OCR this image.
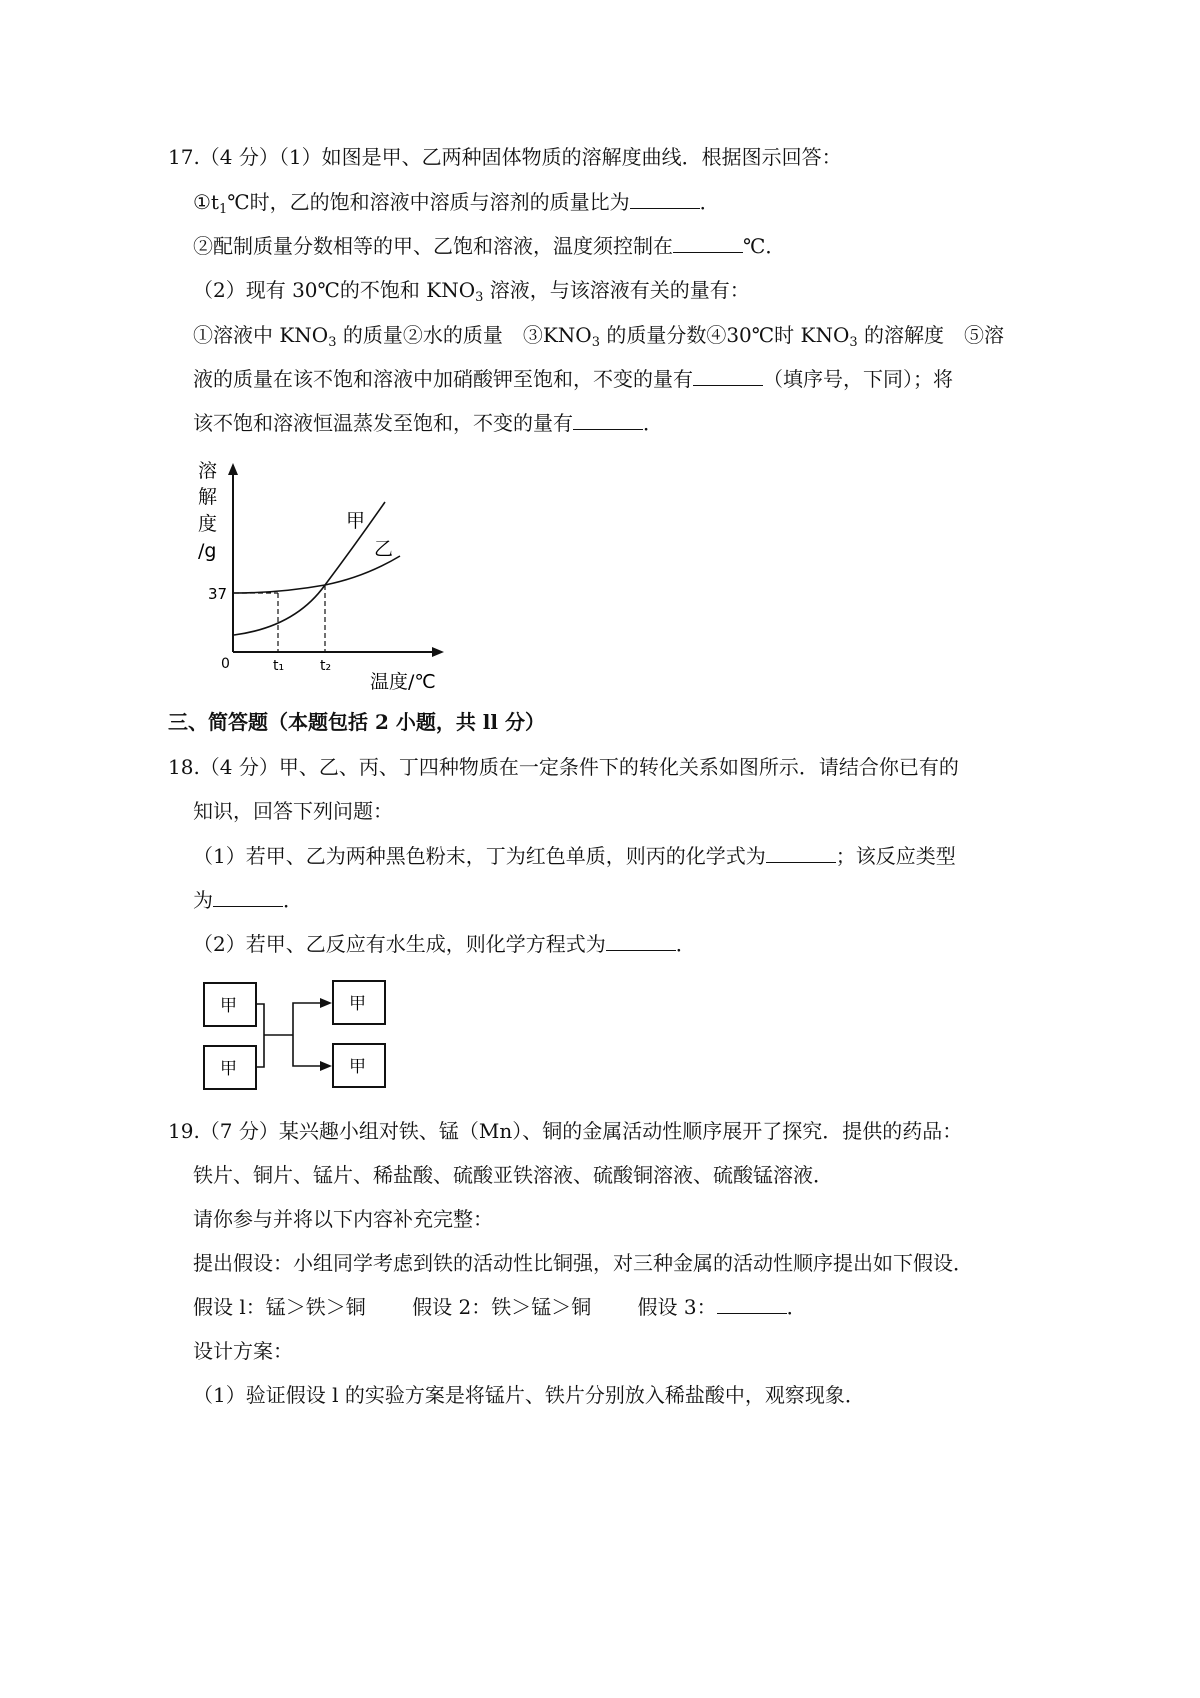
17.（4 分）（1）如图是甲、乙两种固体物质的溶解度曲线．根据图示回答：
$①t_1℃$时，乙的饱和溶液中溶质与溶剂的质量比为	．
②配制质量分数相等的甲、乙饱和溶液，温度须控制在	℃．
（2）现有 30℃的不饱和 $KNO_3$ 溶液，与该溶液有关的量有：
①溶液中 $KNO_3$ 的质量②水的质量　$③KNO_3$ 的质量分数④30℃时 $KNO_3$ 的溶解度　⑤溶
液的质量在该不饱和溶液中加硝酸钾至饱和，不变的量有	（填序号，下同）；将
该不饱和溶液恒温蒸发至饱和，不变的量有	．
溶
解
度
/g
37
0	t₁	t₂
甲
乙
温度/℃
三、简答题（本题包括 2 小题，共 ll 分）
18.（4 分）甲、乙、丙、丁四种物质在一定条件下的转化关系如图所示．请结合你已有的
知识，回答下列问题：
（1）若甲、乙为两种黑色粉末，丁为红色单质，则丙的化学式为	；该反应类型
为	．
（2）若甲、乙反应有水生成，则化学方程式为	．
甲
甲
甲
甲
19.（7 分）某兴趣小组对铁、锰（Mn）、铜的金属活动性顺序展开了探究．提供的药品：
铁片、铜片、锰片、稀盐酸、硫酸亚铁溶液、硫酸铜溶液、硫酸锰溶液．
请你参与并将以下内容补充完整：
提出假设：小组同学考虑到铁的活动性比铜强，对三种金属的活动性顺序提出如下假设．
假设 l：锰＞铁＞铜　　 假设 2：铁＞锰＞铜　　 假设 3：	．
设计方案：
（1）验证假设 l 的实验方案是将锰片、铁片分别放入稀盐酸中，观察现象．
